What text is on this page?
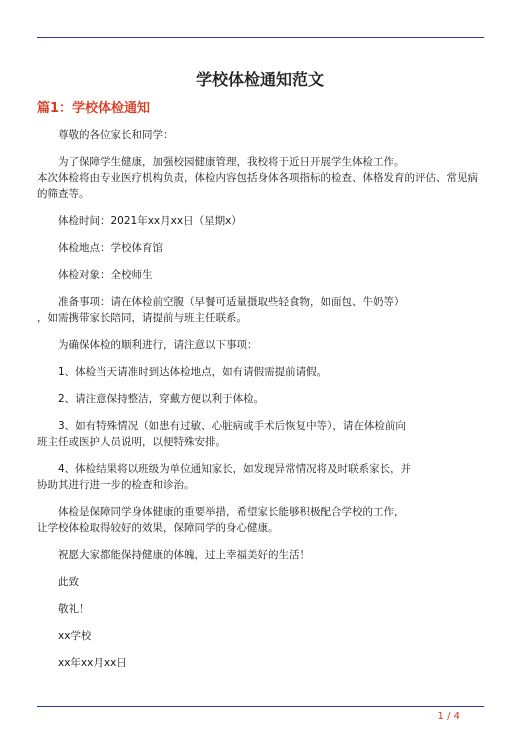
学校体检通知范文
篇1：学校体检通知

尊敬的各位家长和同学：

为了保障学生健康，加强校园健康管理，我校将于近日开展学生体检工作。

本次体检将由专业医疗机构负责，体检内容包括身体各项指标的检查、体格发育的评估、常见病的筛查等。

体检时间：2021年xx月xx日（星期x）

体检地点：学校体育馆

体检对象：全校师生

准备事项：请在体检前空腹（早餐可适量摄取些轻食物，如面包、牛奶等）

，如需携带家长陪同，请提前与班主任联系。

为确保体检的顺利进行，请注意以下事项：

1、体检当天请准时到达体检地点，如有请假需提前请假。

2、请注意保持整洁，穿戴方便以利于体检。

3、如有特殊情况（如患有过敏、心脏病或手术后恢复中等），请在体检前向

班主任或医护人员说明，以便特殊安排。

4、体检结果将以班级为单位通知家长，如发现异常情况将及时联系家长，并

协助其进行进一步的检查和诊治。

体检是保障同学身体健康的重要举措，希望家长能够积极配合学校的工作，

让学校体检取得较好的效果，保障同学的身心健康。

祝愿大家都能保持健康的体魄，过上幸福美好的生活！

此致

敬礼！

xx学校

xx年xx月xx日

1 / 4
